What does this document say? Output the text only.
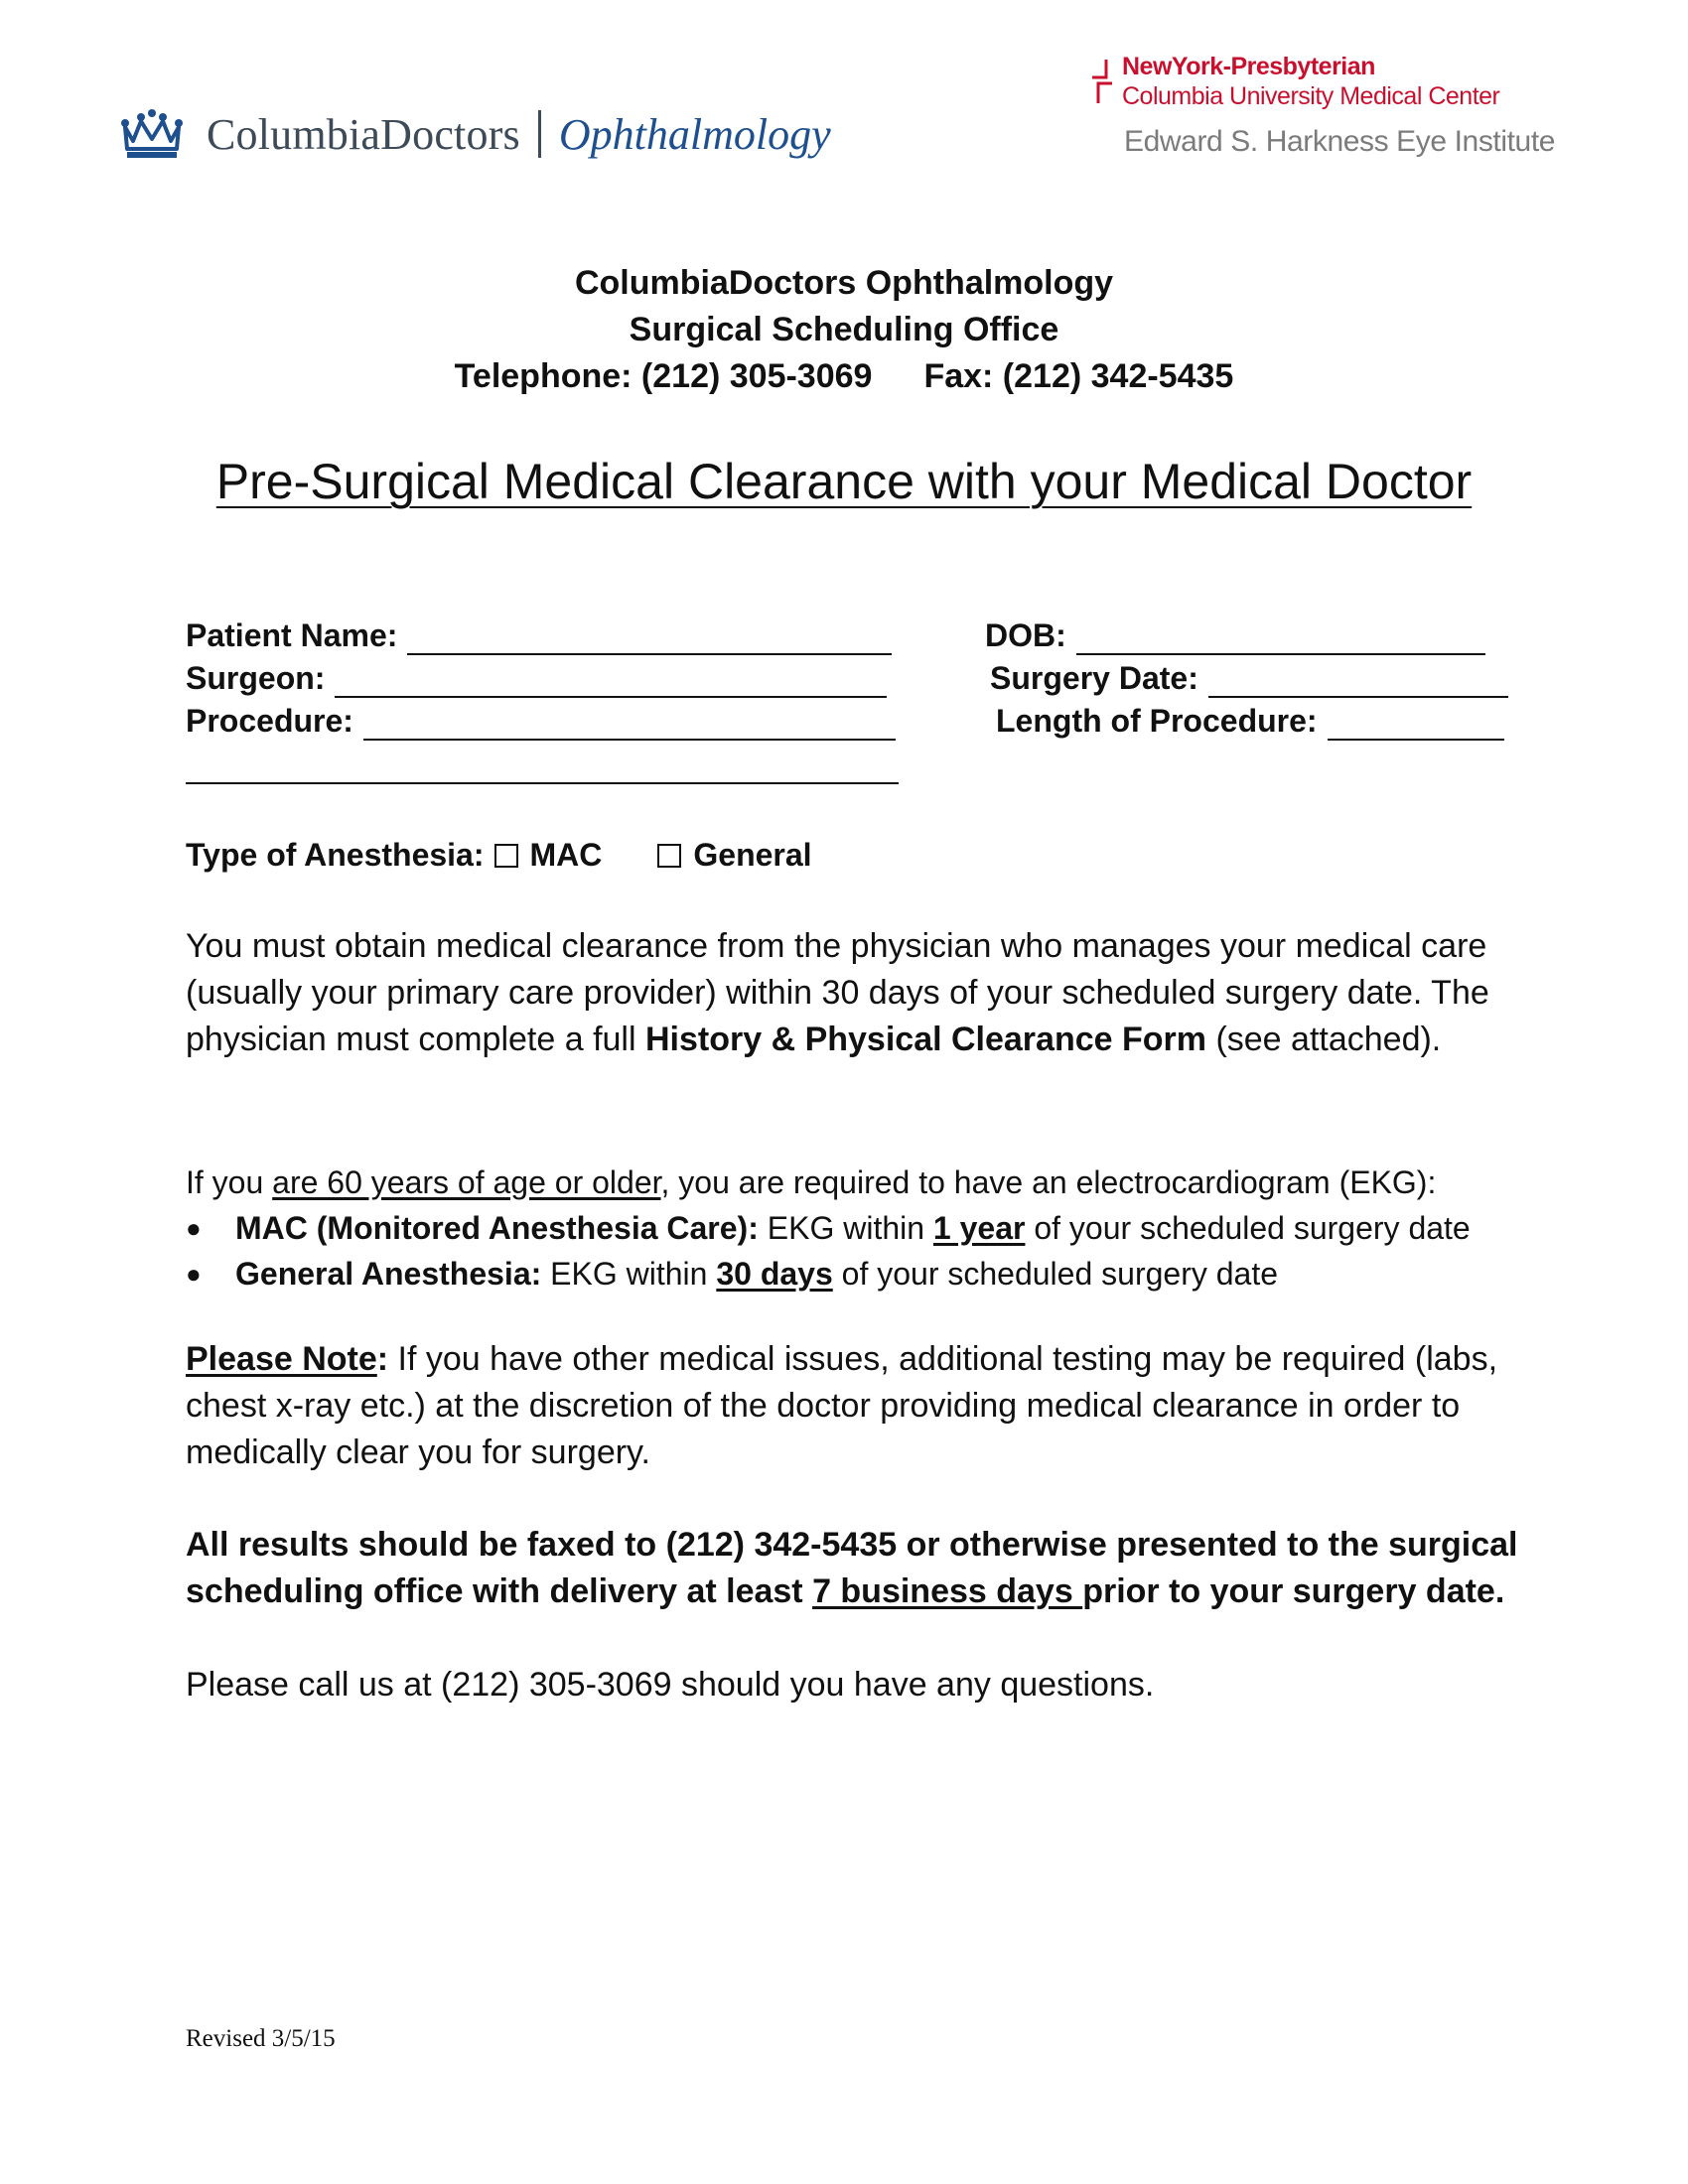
ColumbiaDoctors Ophthalmology
NewYork-Presbyterian
Columbia University Medical Center
Edward S. Harkness Eye Institute
ColumbiaDoctors Ophthalmology
Surgical Scheduling Office
Telephone: (212) 305-3069 Fax: (212) 342-5435
Pre-Surgical Medical Clearance with your Medical Doctor
Patient Name:	DOB:
Surgeon:	Surgery Date:
Procedure:	Length of Procedure:
Type of Anesthesia: MAC	General
You must obtain medical clearance from the physician who manages your medical care (usually your primary care provider) within 30 days of your scheduled surgery date. The physician must complete a full History & Physical Clearance Form (see attached).
If you are 60 years of age or older, you are required to have an electrocardiogram (EKG):
●	MAC (Monitored Anesthesia Care): EKG within 1 year of your scheduled surgery date
●	General Anesthesia: EKG within 30 days of your scheduled surgery date
Please Note: If you have other medical issues, additional testing may be required (labs, chest x-ray etc.) at the discretion of the doctor providing medical clearance in order to medically clear you for surgery.
All results should be faxed to (212) 342-5435 or otherwise presented to the surgical scheduling office with delivery at least 7 business days prior to your surgery date.
Please call us at (212) 305-3069 should you have any questions.
Revised 3/5/15
